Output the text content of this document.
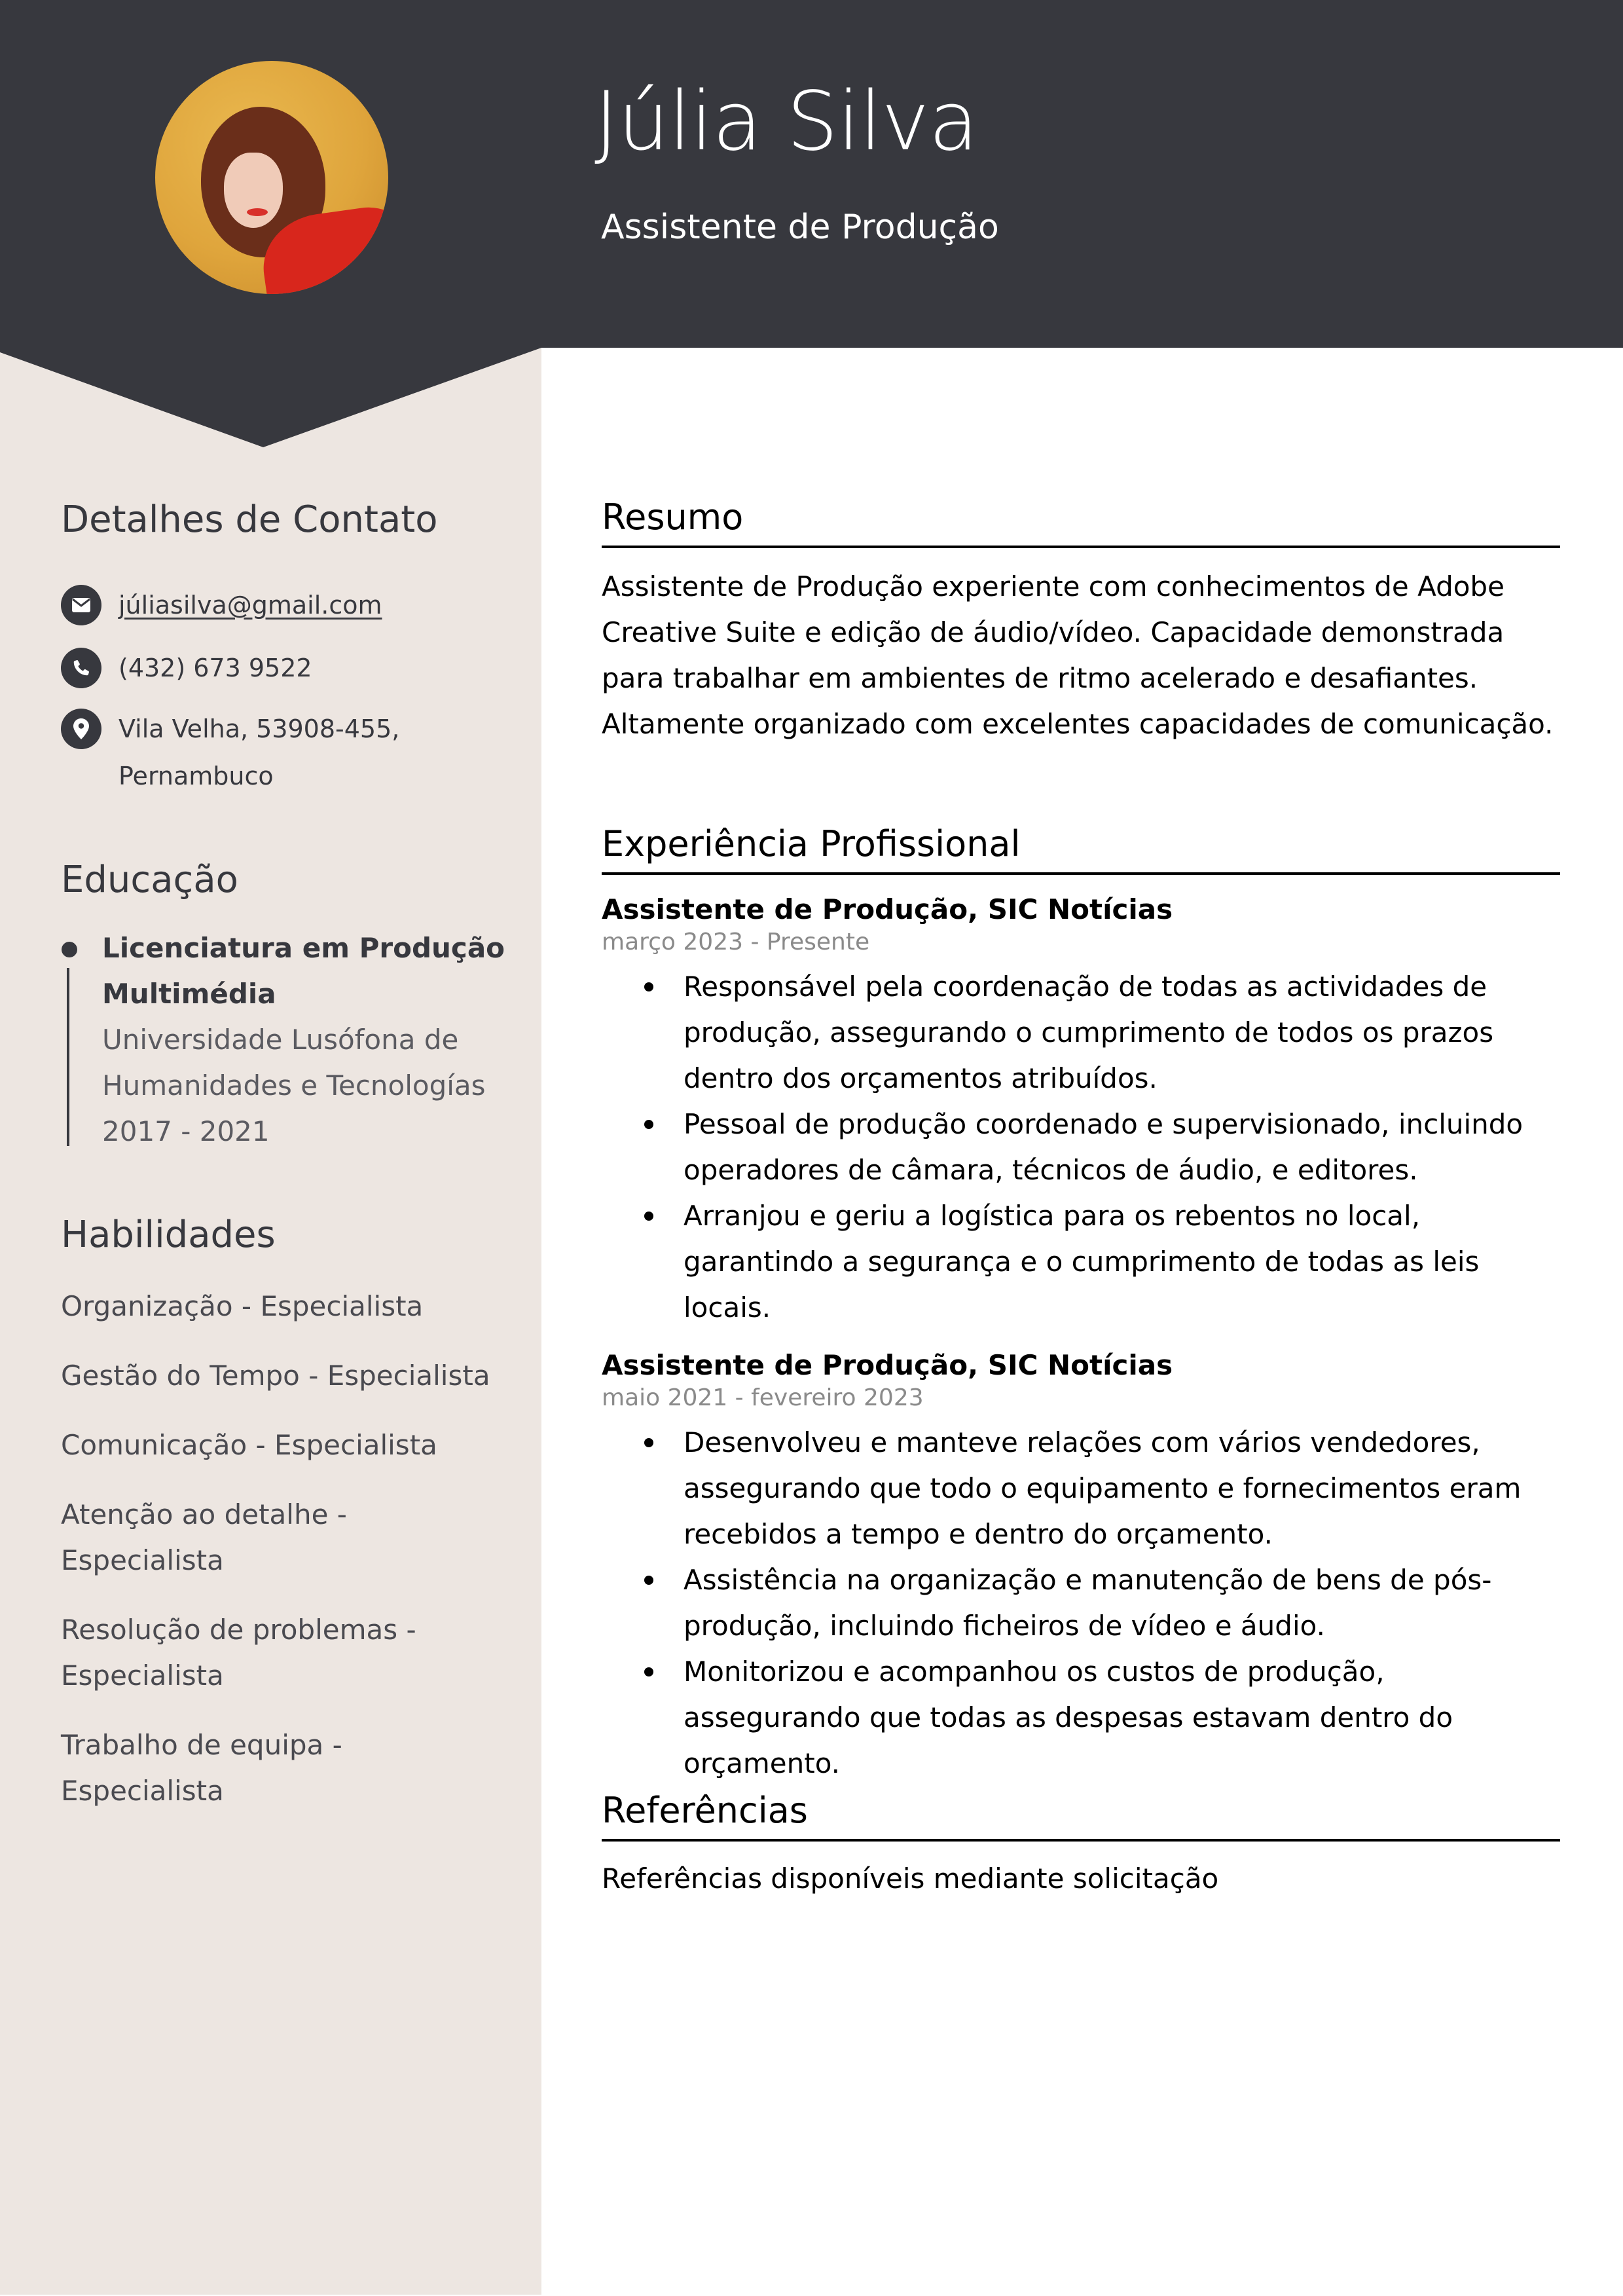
Júlia Silva
Assistente de Produção
Detalhes de Contato
júliasilva@gmail.com
(432) 673 9522
Vila Velha, 53908-455,
Pernambuco
Educação
Licenciatura em Produção
Multimédia
Universidade Lusófona de
Humanidades e Tecnologías
2017 - 2021
Habilidades
Organização - Especialista
Gestão do Tempo - Especialista
Comunicação - Especialista
Atenção ao detalhe - Especialista
Resolução de problemas - Especialista
Trabalho de equipa - Especialista
Resumo

Assistente de Produção experiente com conhecimentos de Adobe Creative Suite e edição de áudio/vídeo. Capacidade demonstrada para trabalhar em ambientes de ritmo acelerado e desafiantes. Altamente organizado com excelentes capacidades de comunicação.

Experiência Profissional
Assistente de Produção, SIC Notícias
março 2023 - Presente
Responsável pela coordenação de todas as actividades de produção, assegurando o cumprimento de todos os prazos dentro dos orçamentos atribuídos.
Pessoal de produção coordenado e supervisionado, incluindo operadores de câmara, técnicos de áudio, e editores.
Arranjou e geriu a logística para os rebentos no local, garantindo a segurança e o cumprimento de todas as leis locais.
Assistente de Produção, SIC Notícias
maio 2021 - fevereiro 2023
Desenvolveu e manteve relações com vários vendedores, assegurando que todo o equipamento e fornecimentos eram recebidos a tempo e dentro do orçamento.
Assistência na organização e manutenção de bens de pós-produção, incluindo ficheiros de vídeo e áudio.
Monitorizou e acompanhou os custos de produção, assegurando que todas as despesas estavam dentro do orçamento.
Referências

Referências disponíveis mediante solicitação
